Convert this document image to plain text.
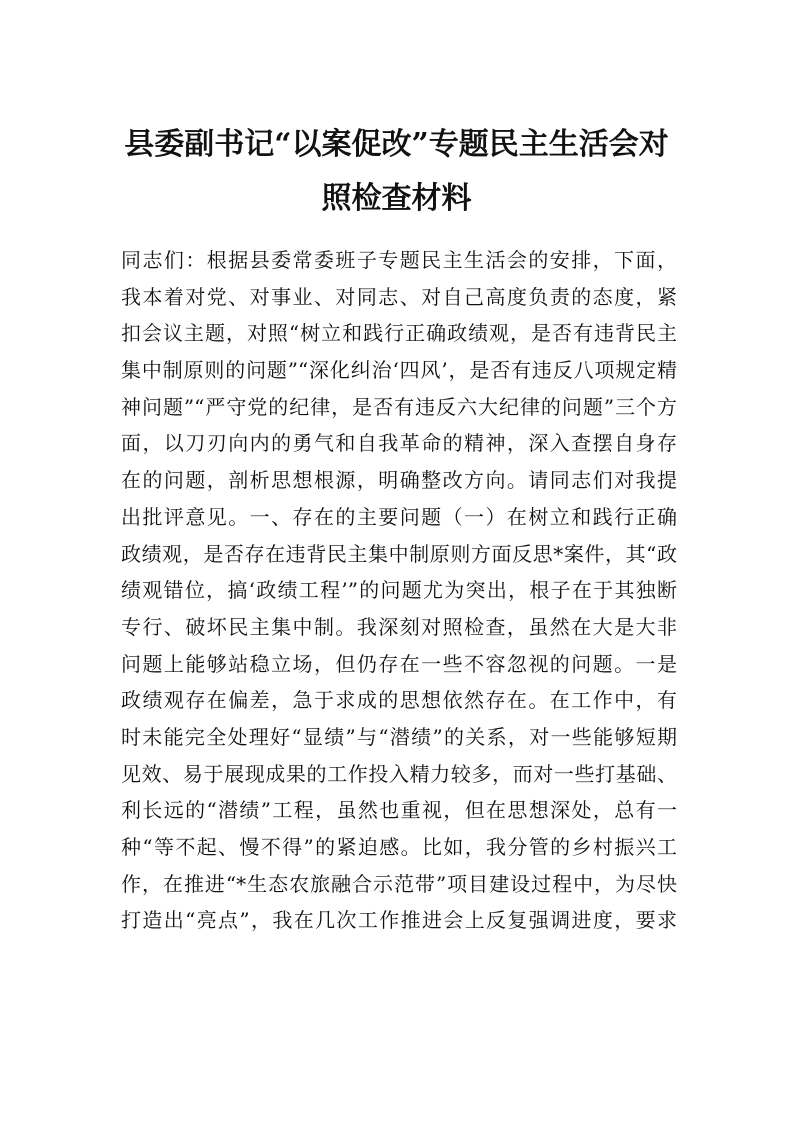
县委副书记“以案促改”专题民主生活会对
照检查材料
同志们：根据县委常委班子专题民主生活会的安排，下面，
我本着对党、对事业、对同志、对自己高度负责的态度，紧
扣会议主题，对照“树立和践行正确政绩观，是否有违背民主
集中制原则的问题”“深化纠治‘四风’，是否有违反八项规定精
神问题”“严守党的纪律，是否有违反六大纪律的问题”三个方
面，以刀刃向内的勇气和自我革命的精神，深入查摆自身存
在的问题，剖析思想根源，明确整改方向。请同志们对我提
出批评意见。一、存在的主要问题（一）在树立和践行正确
政绩观，是否存在违背民主集中制原则方面反思*案件，其“政
绩观错位，搞‘政绩工程’”的问题尤为突出，根子在于其独断
专行、破坏民主集中制。我深刻对照检查，虽然在大是大非
问题上能够站稳立场，但仍存在一些不容忽视的问题。一是
政绩观存在偏差，急于求成的思想依然存在。在工作中，有
时未能完全处理好“显绩”与“潜绩”的关系，对一些能够短期
见效、易于展现成果的工作投入精力较多，而对一些打基础、
利长远的“潜绩”工程，虽然也重视，但在思想深处，总有一
种“等不起、慢不得”的紧迫感。比如，我分管的乡村振兴工
作，在推进“*生态农旅融合示范带”项目建设过程中，为尽快
打造出“亮点”，我在几次工作推进会上反复强调进度，要求
